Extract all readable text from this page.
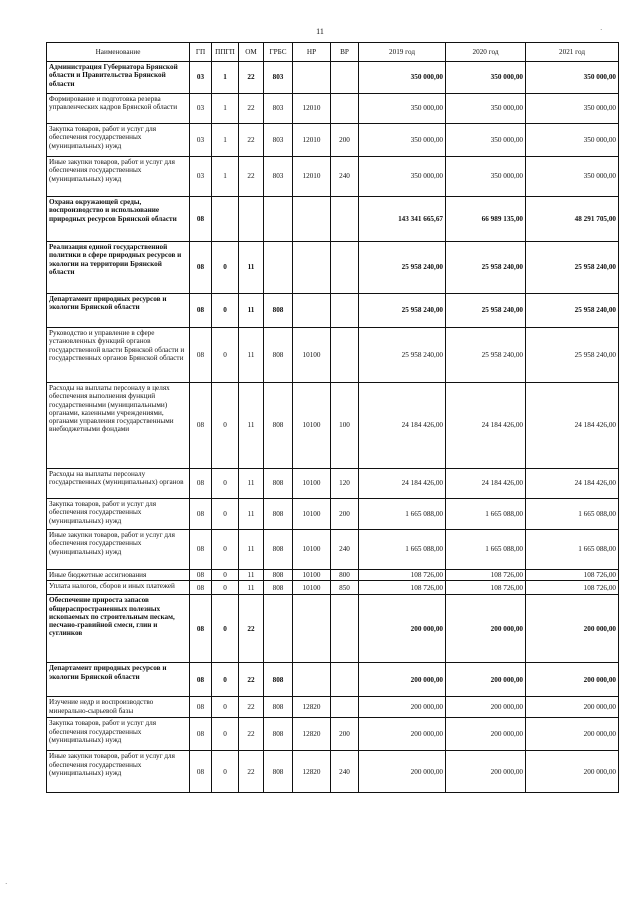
11	·
Наименование	ГП	ППГП	ОМ	ГРБС	НР	ВР	2019 год	2020 год	2021 год
Администрация Губернатора Брянской области и Правительства Брянской области	03	1	22	803			350 000,00	350 000,00	350 000,00
Формирование и подготовка резерва управленческих кадров Брянской области	03	1	22	803	12010		350 000,00	350 000,00	350 000,00
Закупка товаров, работ и услуг для обеспечения государственных (муниципальных) нужд	03	1	22	803	12010	200	350 000,00	350 000,00	350 000,00
Иные закупки товаров, работ и услуг для обеспечения государственных (муниципальных) нужд	03	1	22	803	12010	240	350 000,00	350 000,00	350 000,00
Охрана окружающей среды, воспроизводство и использование природных ресурсов Брянской области	08						143 341 665,67	66 989 135,00	48 291 705,00
Реализация единой государственной политики в сфере природных ресурсов и экологии на территории Брянской области	08	0	11				25 958 240,00	25 958 240,00	25 958 240,00
Департамент природных ресурсов и экологии Брянской области	08	0	11	808			25 958 240,00	25 958 240,00	25 958 240,00
Руководство и управление в сфере установленных функций органов государственной власти Брянской области и государственных органов Брянской области	08	0	11	808	10100		25 958 240,00	25 958 240,00	25 958 240,00
Расходы на выплаты персоналу в целях обеспечения выполнения функций государственными (муниципальными) органами, казенными учреждениями, органами управления государственными внебюджетными фондами	08	0	11	808	10100	100	24 184 426,00	24 184 426,00	24 184 426,00
Расходы на выплаты персоналу государственных (муниципальных) органов	08	0	11	808	10100	120	24 184 426,00	24 184 426,00	24 184 426,00
Закупка товаров, работ и услуг для обеспечения государственных (муниципальных) нужд	08	0	11	808	10100	200	1 665 088,00	1 665 088,00	1 665 088,00
Иные закупки товаров, работ и услуг для обеспечения государственных (муниципальных) нужд	08	0	11	808	10100	240	1 665 088,00	1 665 088,00	1 665 088,00
Иные бюджетные ассигнования	08	0	11	808	10100	800	108 726,00	108 726,00	108 726,00
Уплата налогов, сборов и иных платежей	08	0	11	808	10100	850	108 726,00	108 726,00	108 726,00
Обеспечение прироста запасов общераспространенных полезных ископаемых по строительным пескам, песчано-гравийной смеси, глин и суглинков	08	0	22				200 000,00	200 000,00	200 000,00
Департамент природных ресурсов и экологии Брянской области	08	0	22	808			200 000,00	200 000,00	200 000,00
Изучение недр и воспроизводство минерально-сырьевой базы	08	0	22	808	12820		200 000,00	200 000,00	200 000,00
Закупка товаров, работ и услуг для обеспечения государственных (муниципальных) нужд	08	0	22	808	12820	200	200 000,00	200 000,00	200 000,00
Иные закупки товаров, работ и услуг для обеспечения государственных (муниципальных) нужд	08	0	22	808	12820	240	200 000,00	200 000,00	200 000,00
·
